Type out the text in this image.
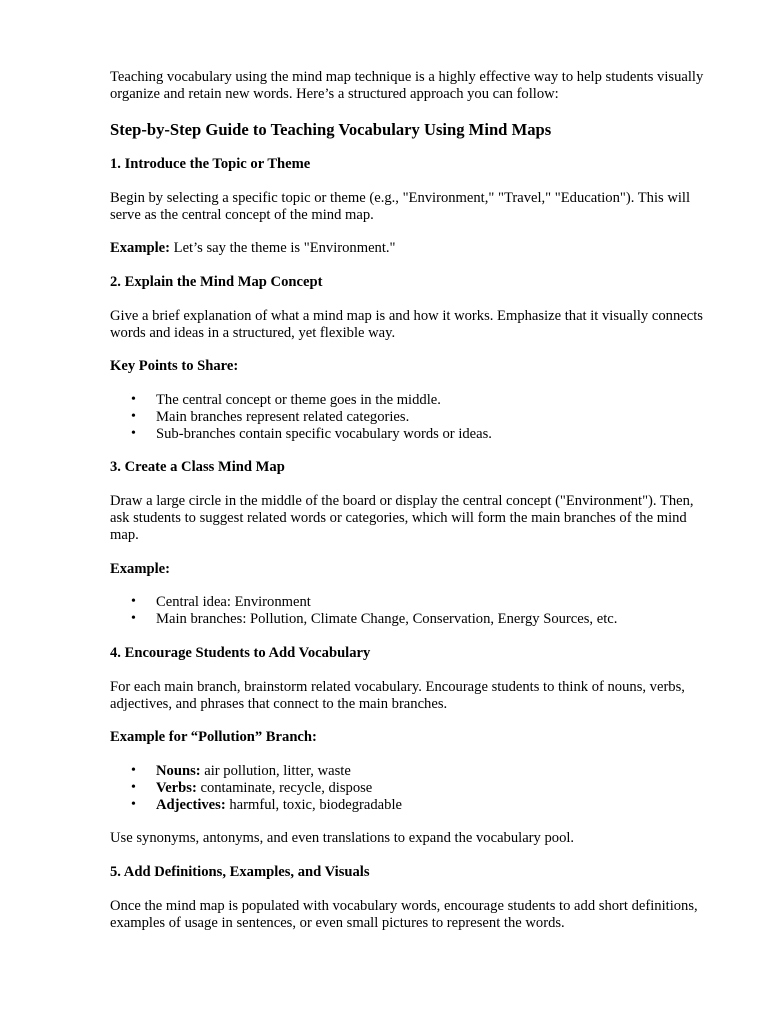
Teaching vocabulary using the mind map technique is a highly effective way to help students visually organize and retain new words. Here’s a structured approach you can follow:

Step-by-Step Guide to Teaching Vocabulary Using Mind Maps
1. Introduce the Topic or Theme

Begin by selecting a specific topic or theme (e.g., "Environment," "Travel," "Education"). This will serve as the central concept of the mind map.

Example: Let’s say the theme is "Environment."

2. Explain the Mind Map Concept

Give a brief explanation of what a mind map is and how it works. Emphasize that it visually connects words and ideas in a structured, yet flexible way.

Key Points to Share:
• The central concept or theme goes in the middle.
• Main branches represent related categories.
• Sub-branches contain specific vocabulary words or ideas.
3. Create a Class Mind Map

Draw a large circle in the middle of the board or display the central concept ("Environment"). Then, ask students to suggest related words or categories, which will form the main branches of the mind map.

Example:
• Central idea: Environment
• Main branches: Pollution, Climate Change, Conservation, Energy Sources, etc.
4. Encourage Students to Add Vocabulary

For each main branch, brainstorm related vocabulary. Encourage students to think of nouns, verbs, adjectives, and phrases that connect to the main branches.

Example for “Pollution” Branch:
• Nouns: air pollution, litter, waste
• Verbs: contaminate, recycle, dispose
• Adjectives: harmful, toxic, biodegradable

Use synonyms, antonyms, and even translations to expand the vocabulary pool.

5. Add Definitions, Examples, and Visuals

Once the mind map is populated with vocabulary words, encourage students to add short definitions, examples of usage in sentences, or even small pictures to represent the words.
